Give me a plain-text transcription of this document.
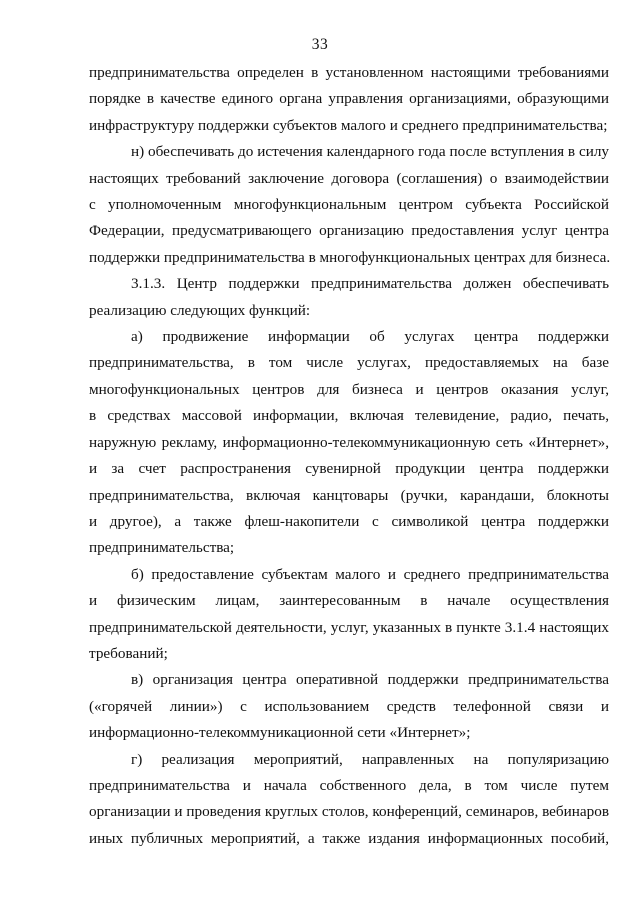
33

предпринимательства определен в установленном настоящими требованиями
порядке в качестве единого органа управления организациями, образующими
инфраструктуру поддержки субъектов малого и среднего предпринимательства;

н) обеспечивать до истечения календарного года после вступления в силу
настоящих требований заключение договора (соглашения) о взаимодействии
с уполномоченным многофункциональным центром субъекта Российской
Федерации, предусматривающего организацию предоставления услуг центра
поддержки предпринимательства в многофункциональных центрах для бизнеса.

3.1.3. Центр поддержки предпринимательства должен обеспечивать
реализацию следующих функций:

а) продвижение информации об услугах центра поддержки
предпринимательства, в том числе услугах, предоставляемых на базе
многофункциональных центров для бизнеса и центров оказания услуг,
в средствах массовой информации, включая телевидение, радио, печать,
наружную рекламу, информационно-телекоммуникационную сеть «Интернет»,
и за счет распространения сувенирной продукции центра поддержки
предпринимательства, включая канцтовары (ручки, карандаши, блокноты
и другое), а также флеш-накопители с символикой центра поддержки
предпринимательства;

б) предоставление субъектам малого и среднего предпринимательства
и физическим лицам, заинтересованным в начале осуществления
предпринимательской деятельности, услуг, указанных в пункте 3.1.4 настоящих
требований;

в) организация центра оперативной поддержки предпринимательства
(«горячей линии») с использованием средств телефонной связи и
информационно-телекоммуникационной сети «Интернет»;

г) реализация мероприятий, направленных на популяризацию
предпринимательства и начала собственного дела, в том числе путем
организации и проведения круглых столов, конференций, семинаров, вебинаров
иных публичных мероприятий, а также издания информационных пособий,
